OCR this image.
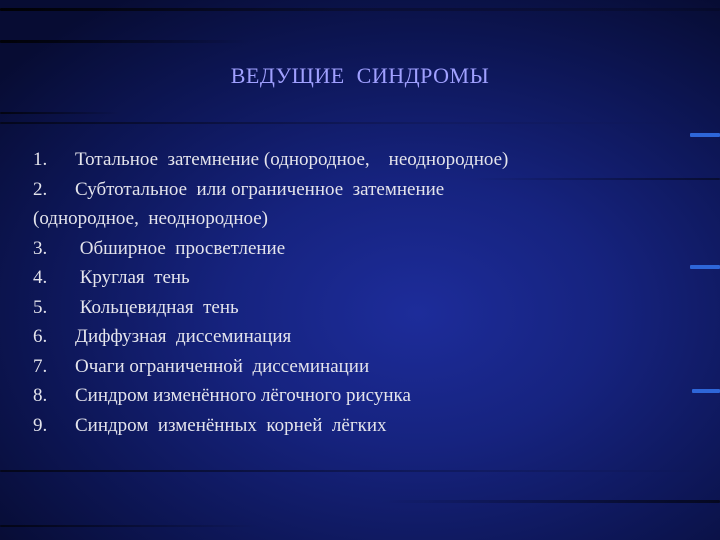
ВЕДУЩИЕ  СИНДРОМЫ
1.	Тотальное  затемнение (однородное,    неоднородное)
2.	Субтотальное  или ограниченное  затемнение
(однородное,  неоднородное)
3.	Обширное  просветление
4.	Круглая  тень
5.	Кольцевидная  тень
6.	Диффузная  диссеминация
7.	Очаги ограниченной  диссеминации
8.	Синдром изменённого лёгочного рисунка
9.	Синдром  изменённых  корней  лёгких
